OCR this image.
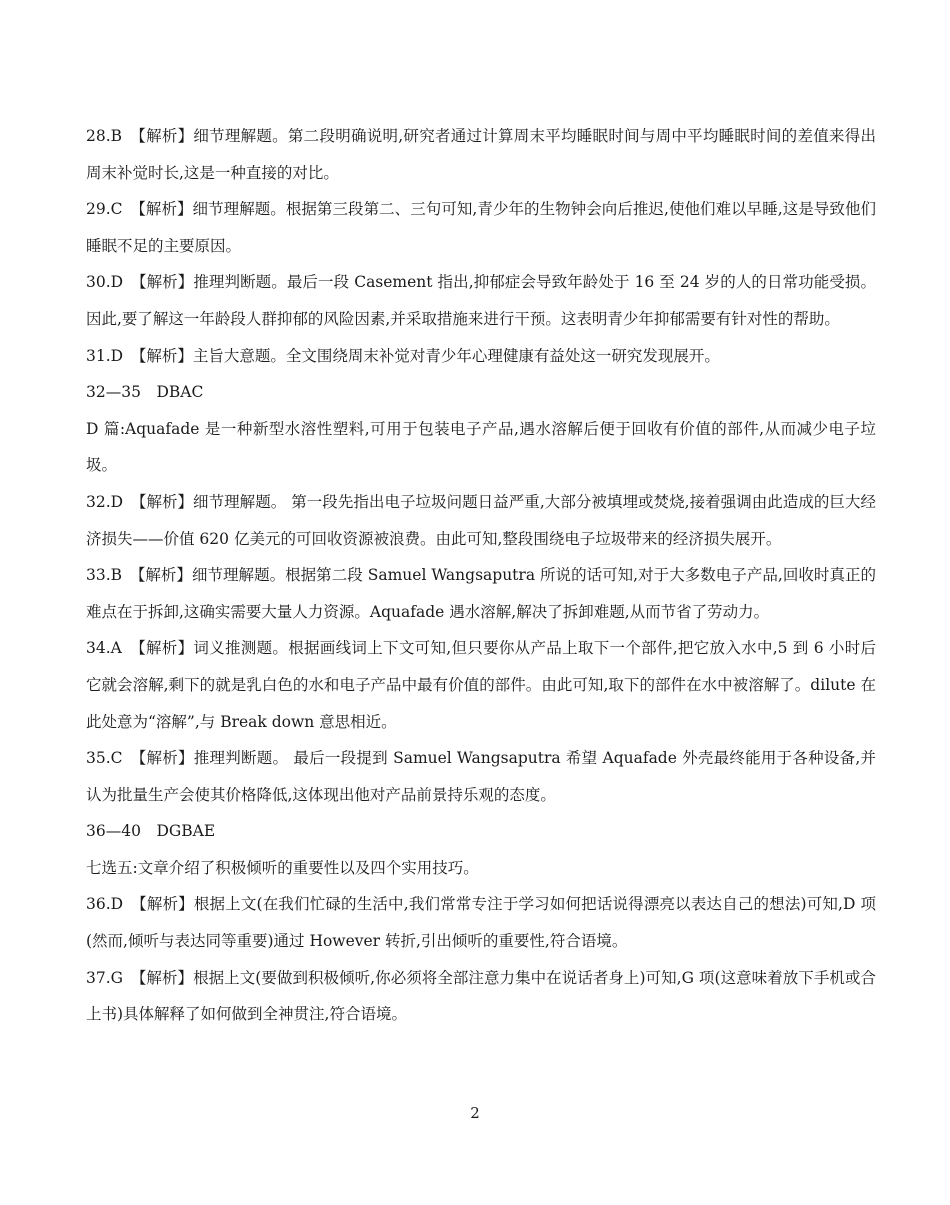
28.B　【解析】细节理解题。第二段明确说明,研究者通过计算周末平均睡眠时间与周中平均睡眠时间的差值来得出周末补觉时长,这是一种直接的对比。

29.C　【解析】细节理解题。根据第三段第二、三句可知,青少年的生物钟会向后推迟,使他们难以早睡,这是导致他们睡眠不足的主要原因。

30.D　【解析】推理判断题。最后一段 Casement 指出,抑郁症会导致年龄处于 16 至 24 岁的人的日常功能受损。因此,要了解这一年龄段人群抑郁的风险因素,并采取措施来进行干预。这表明青少年抑郁需要有针对性的帮助。

31.D　【解析】主旨大意题。全文围绕周末补觉对青少年心理健康有益处这一研究发现展开。

32—35　DBAC

D 篇:Aquafade 是一种新型水溶性塑料,可用于包装电子产品,遇水溶解后便于回收有价值的部件,从而减少电子垃圾。

32.D　【解析】细节理解题。 第一段先指出电子垃圾问题日益严重,大部分被填埋或焚烧,接着强调由此造成的巨大经济损失——价值 620 亿美元的可回收资源被浪费。由此可知,整段围绕电子垃圾带来的经济损失展开。

33.B　【解析】细节理解题。根据第二段 Samuel Wangsaputra 所说的话可知,对于大多数电子产品,回收时真正的难点在于拆卸,这确实需要大量人力资源。Aquafade 遇水溶解,解决了拆卸难题,从而节省了劳动力。

34.A　【解析】词义推测题。根据画线词上下文可知,但只要你从产品上取下一个部件,把它放入水中,5 到 6 小时后它就会溶解,剩下的就是乳白色的水和电子产品中最有价值的部件。由此可知,取下的部件在水中被溶解了。dilute 在此处意为“溶解”,与 Break down 意思相近。

35.C　【解析】推理判断题。 最后一段提到 Samuel Wangsaputra 希望 Aquafade 外壳最终能用于各种设备,并认为批量生产会使其价格降低,这体现出他对产品前景持乐观的态度。

36—40　DGBAE

七选五:文章介绍了积极倾听的重要性以及四个实用技巧。

36.D　【解析】根据上文(在我们忙碌的生活中,我们常常专注于学习如何把话说得漂亮以表达自己的想法)可知,D 项(然而,倾听与表达同等重要)通过 However 转折,引出倾听的重要性,符合语境。

37.G　【解析】根据上文(要做到积极倾听,你必须将全部注意力集中在说话者身上)可知,G 项(这意味着放下手机或合上书)具体解释了如何做到全神贯注,符合语境。

2
